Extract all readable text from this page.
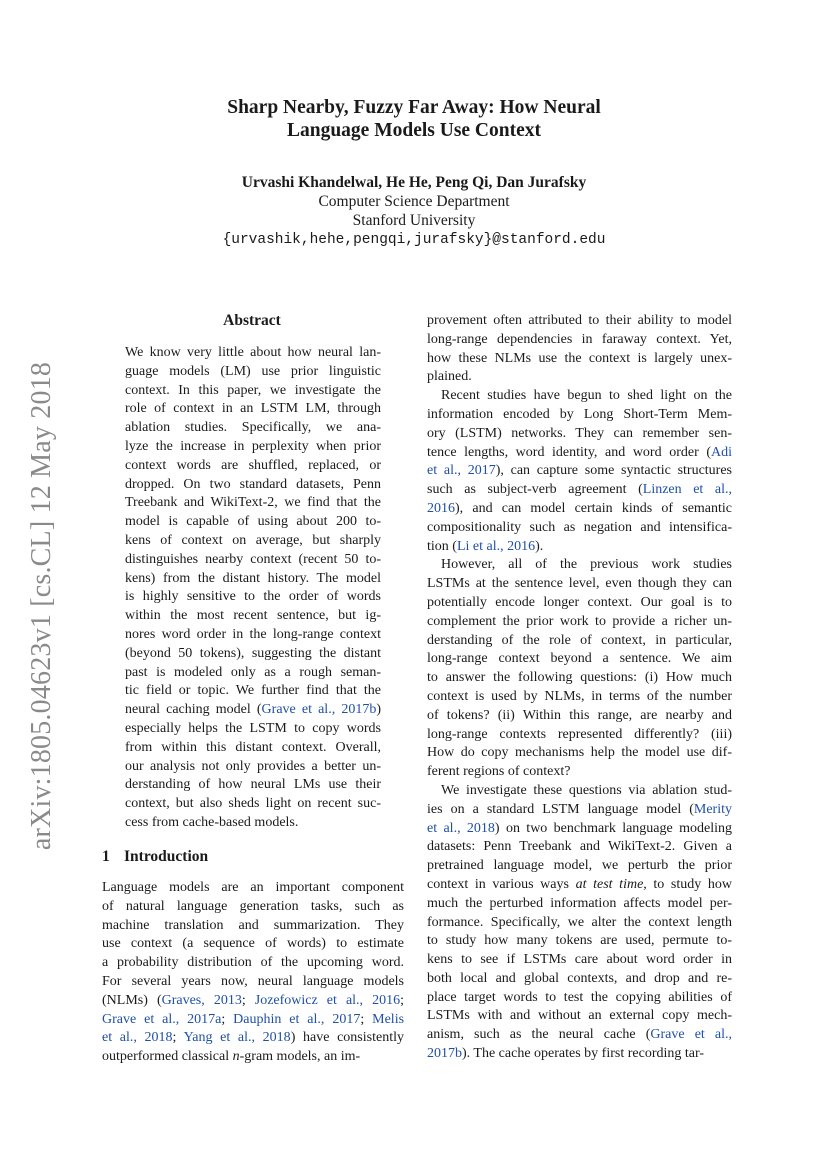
arXiv:1805.04623v1 [cs.CL] 12 May 2018
Sharp Nearby, Fuzzy Far Away: How Neural
Language Models Use Context
Urvashi Khandelwal, He He, Peng Qi, Dan Jurafsky
Computer Science Department
Stanford University
{urvashik,hehe,pengqi,jurafsky}@stanford.edu
Abstract
We know very little about how neural lan-
guage models (LM) use prior linguistic
context. In this paper, we investigate the
role of context in an LSTM LM, through
ablation studies. Specifically, we ana-
lyze the increase in perplexity when prior
context words are shuffled, replaced, or
dropped. On two standard datasets, Penn
Treebank and WikiText-2, we find that the
model is capable of using about 200 to-
kens of context on average, but sharply
distinguishes nearby context (recent 50 to-
kens) from the distant history. The model
is highly sensitive to the order of words
within the most recent sentence, but ig-
nores word order in the long-range context
(beyond 50 tokens), suggesting the distant
past is modeled only as a rough seman-
tic field or topic. We further find that the
neural caching model (Grave et al., 2017b)
especially helps the LSTM to copy words
from within this distant context. Overall,
our analysis not only provides a better un-
derstanding of how neural LMs use their
context, but also sheds light on recent suc-
cess from cache-based models.
1 Introduction
Language models are an important component
of natural language generation tasks, such as
machine translation and summarization. They
use context (a sequence of words) to estimate
a probability distribution of the upcoming word.
For several years now, neural language models
(NLMs) (Graves, 2013; Jozefowicz et al., 2016;
Grave et al., 2017a; Dauphin et al., 2017; Melis
et al., 2018; Yang et al., 2018) have consistently
outperformed classical n-gram models, an im-
provement often attributed to their ability to model
long-range dependencies in faraway context. Yet,
how these NLMs use the context is largely unex-
plained.
Recent studies have begun to shed light on the
information encoded by Long Short-Term Mem-
ory (LSTM) networks. They can remember sen-
tence lengths, word identity, and word order (Adi
et al., 2017), can capture some syntactic structures
such as subject-verb agreement (Linzen et al.,
2016), and can model certain kinds of semantic
compositionality such as negation and intensifica-
tion (Li et al., 2016).
However, all of the previous work studies
LSTMs at the sentence level, even though they can
potentially encode longer context. Our goal is to
complement the prior work to provide a richer un-
derstanding of the role of context, in particular,
long-range context beyond a sentence. We aim
to answer the following questions: (i) How much
context is used by NLMs, in terms of the number
of tokens? (ii) Within this range, are nearby and
long-range contexts represented differently? (iii)
How do copy mechanisms help the model use dif-
ferent regions of context?
We investigate these questions via ablation stud-
ies on a standard LSTM language model (Merity
et al., 2018) on two benchmark language modeling
datasets: Penn Treebank and WikiText-2. Given a
pretrained language model, we perturb the prior
context in various ways at test time, to study how
much the perturbed information affects model per-
formance. Specifically, we alter the context length
to study how many tokens are used, permute to-
kens to see if LSTMs care about word order in
both local and global contexts, and drop and re-
place target words to test the copying abilities of
LSTMs with and without an external copy mech-
anism, such as the neural cache (Grave et al.,
2017b). The cache operates by first recording tar-
